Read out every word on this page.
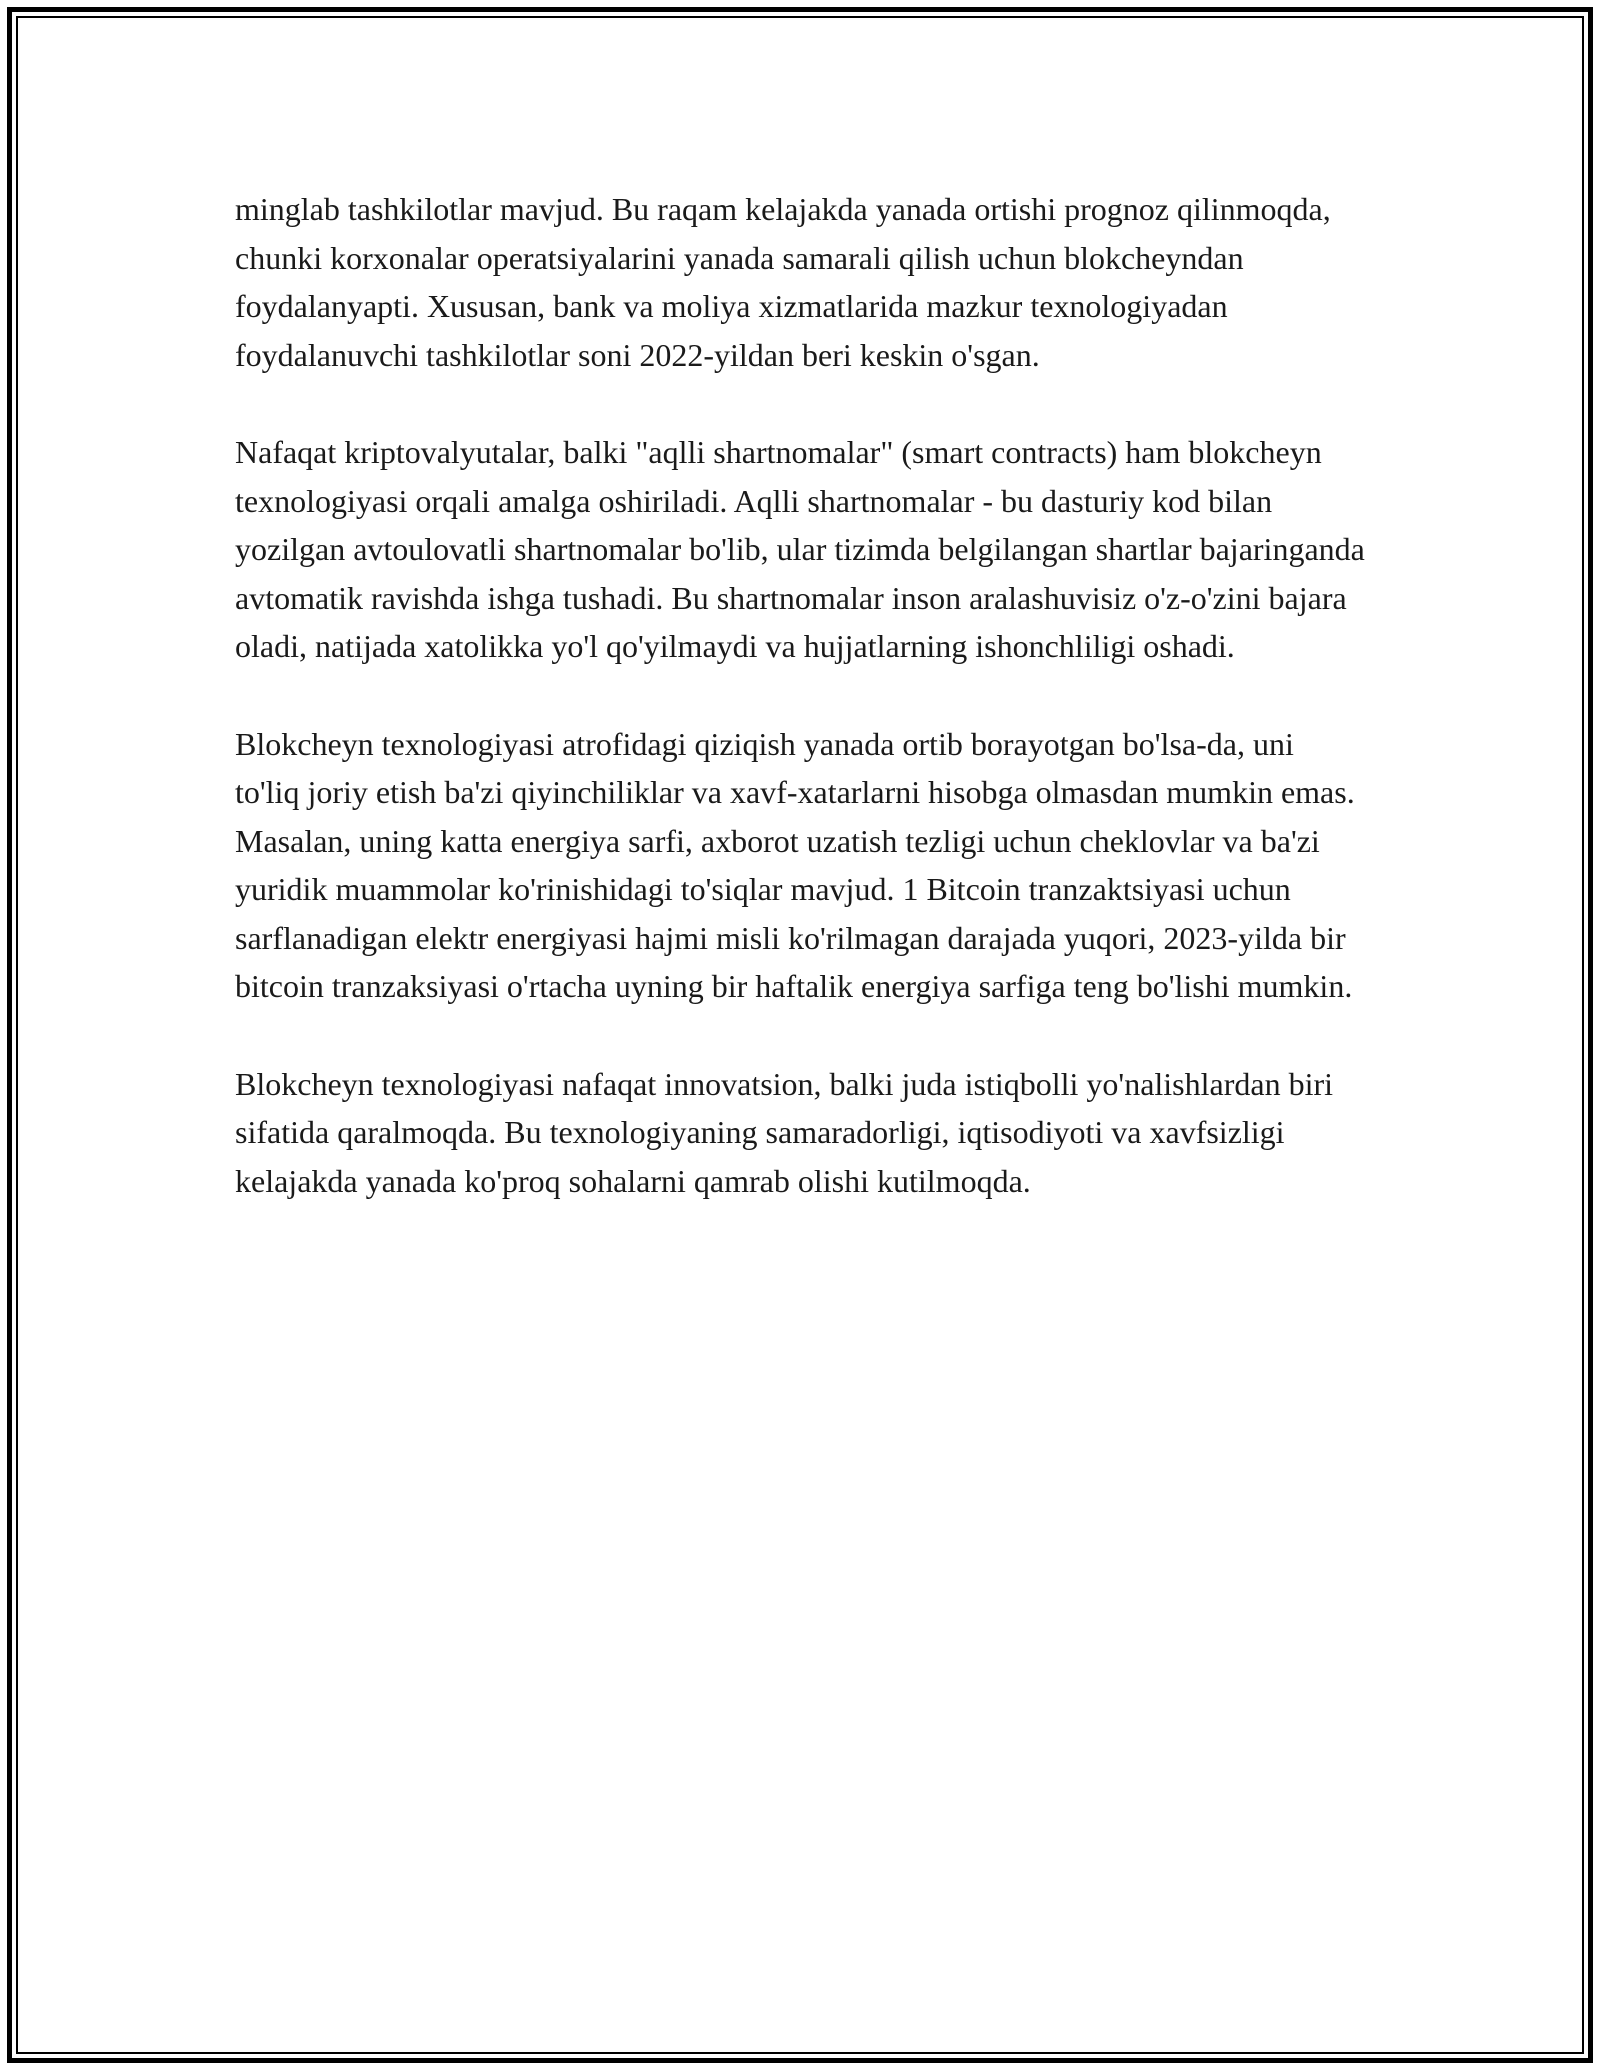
minglab tashkilotlar mavjud. Bu raqam kelajakda yanada ortishi prognoz qilinmoqda, chunki korxonalar operatsiyalarini yanada samarali qilish uchun blokcheyndan foydalanyapti. Xususan, bank va moliya xizmatlarida mazkur texnologiyadan foydalanuvchi tashkilotlar soni 2022-yildan beri keskin o'sgan.

Nafaqat kriptovalyutalar, balki "aqlli shartnomalar" (smart contracts) ham blokcheyn texnologiyasi orqali amalga oshiriladi. Aqlli shartnomalar - bu dasturiy kod bilan yozilgan avtoulovatli shartnomalar bo'lib, ular tizimda belgilangan shartlar bajaringanda avtomatik ravishda ishga tushadi. Bu shartnomalar inson aralashuvisiz o'z-o'zini bajara oladi, natijada xatolikka yo'l qo'yilmaydi va hujjatlarning ishonchliligi oshadi.

Blokcheyn texnologiyasi atrofidagi qiziqish yanada ortib borayotgan bo'lsa-da, uni to'liq joriy etish ba'zi qiyinchiliklar va xavf-xatarlarni hisobga olmasdan mumkin emas. Masalan, uning katta energiya sarfi, axborot uzatish tezligi uchun cheklovlar va ba'zi yuridik muammolar ko'rinishidagi to'siqlar mavjud. 1 Bitcoin tranzaktsiyasi uchun sarflanadigan elektr energiyasi hajmi misli ko'rilmagan darajada yuqori, 2023-yilda bir bitcoin tranzaksiyasi o'rtacha uyning bir haftalik energiya sarfiga teng bo'lishi mumkin.

Blokcheyn texnologiyasi nafaqat innovatsion, balki juda istiqbolli yo'nalishlardan biri sifatida qaralmoqda. Bu texnologiyaning samaradorligi, iqtisodiyoti va xavfsizligi kelajakda yanada ko'proq sohalarni qamrab olishi kutilmoqda.
